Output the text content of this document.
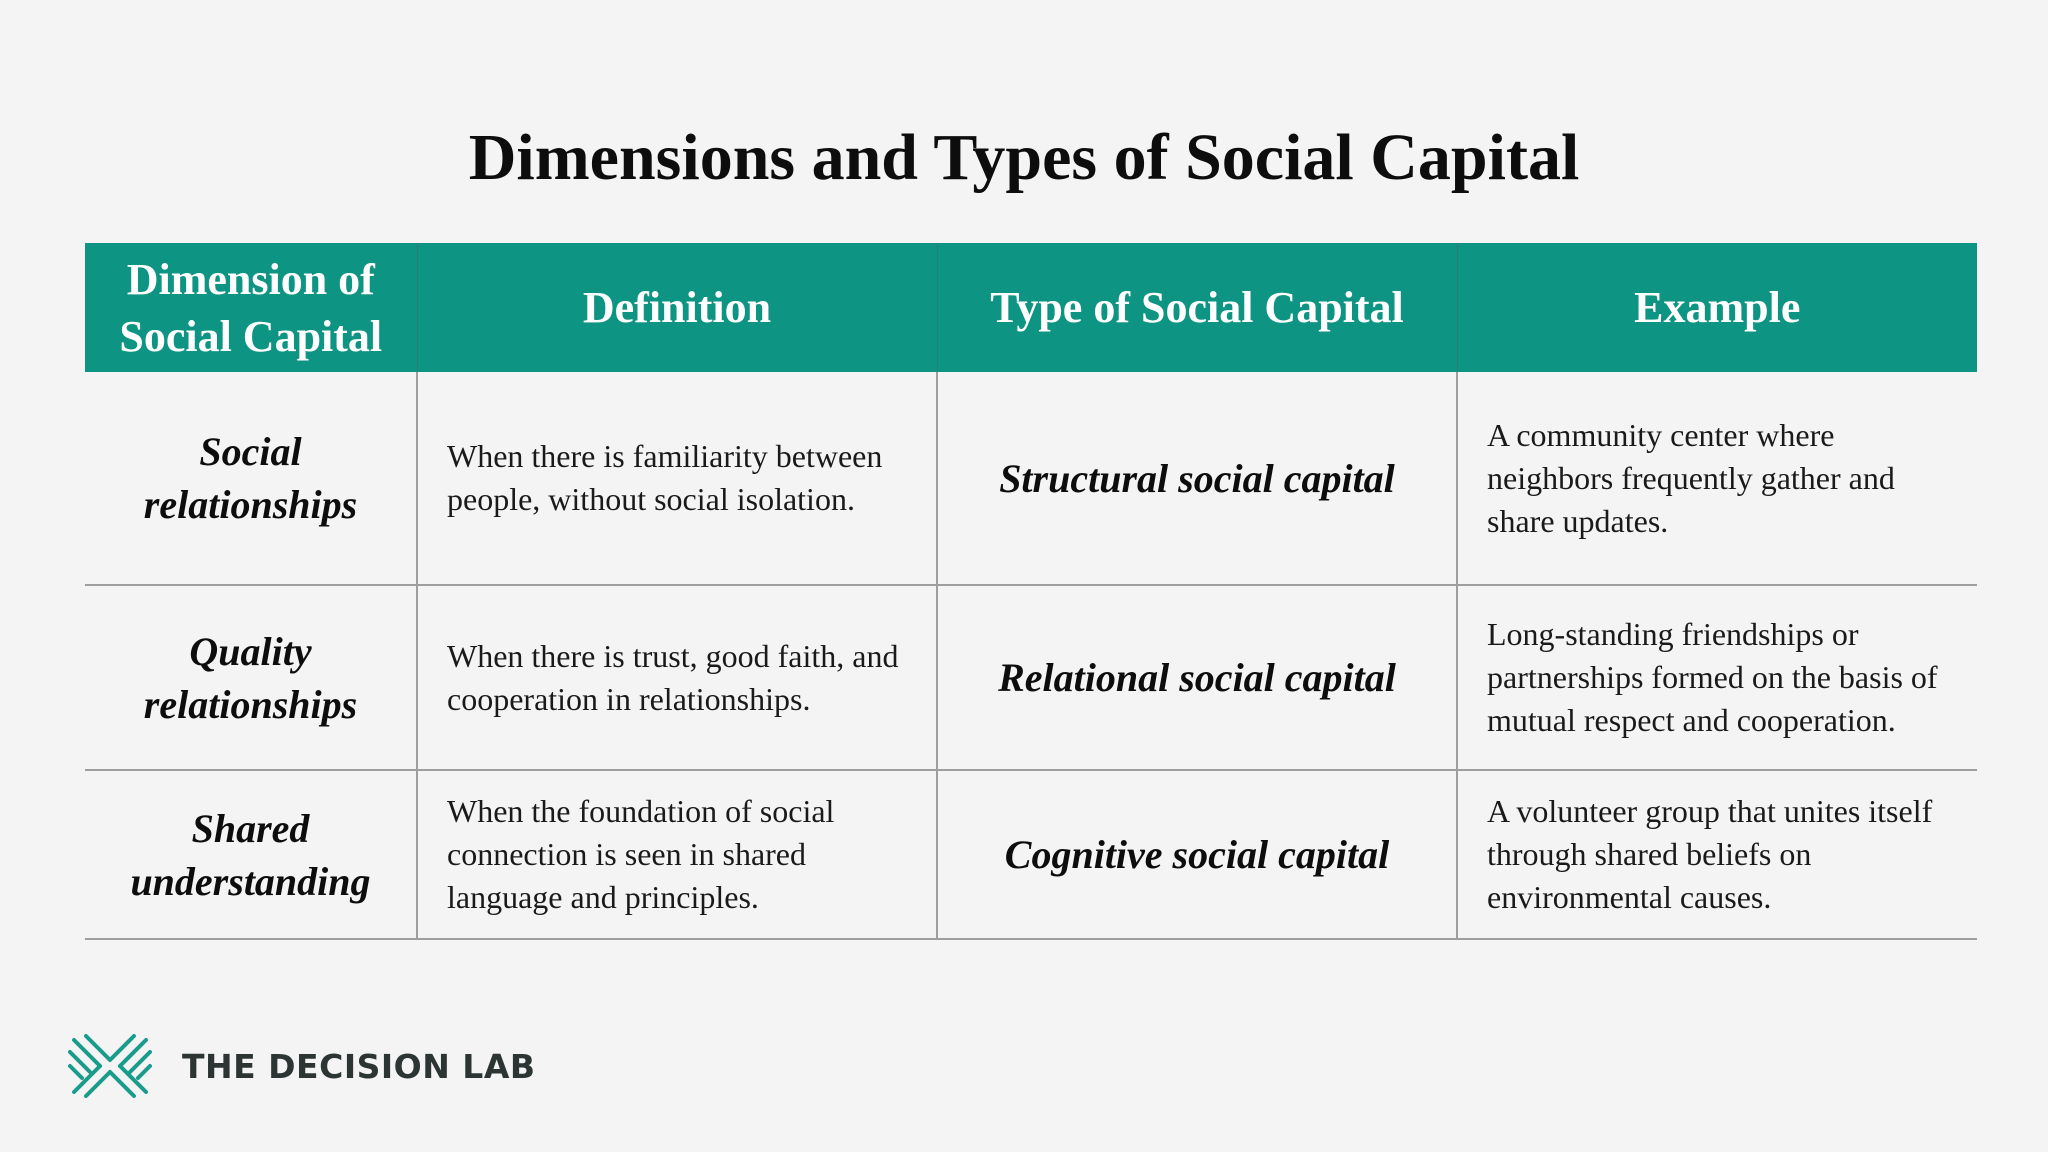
Dimensions and Types of Social Capital
Dimension of Social Capital	Definition	Type of Social Capital	Example
Social relationships	When there is familiarity between people, without social isolation.	Structural social capital	A community center where neighbors frequently gather and share updates.
Quality relationships	When there is trust, good faith, and cooperation in relationships.	Relational social capital	Long-standing friendships or partnerships formed on the basis of mutual respect and cooperation.
Shared understanding	When the foundation of social connection is seen in shared language and principles.	Cognitive social capital	A volunteer group that unites itself through shared beliefs on environmental causes.
THE DECISION LAB
